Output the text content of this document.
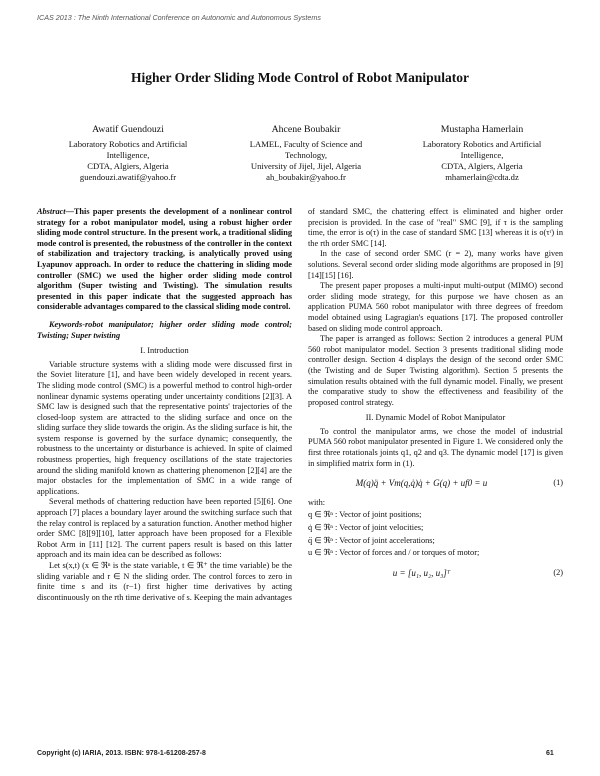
ICAS 2013 : The Ninth International Conference on Autonomic and Autonomous Systems
Higher Order Sliding Mode Control of Robot Manipulator
Awatif Guendouzi
Laboratory Robotics and Artificial
Intelligence,
CDTA, Algiers, Algeria
guendouzi.awatif@yahoo.fr
Ahcene Boubakir
LAMEL, Faculty of Science and
Technology,
University of Jijel, Jijel, Algeria
ah_boubakir@yahoo.fr
Mustapha Hamerlain
Laboratory Robotics and Artificial
Intelligence,
CDTA, Algiers, Algeria
mhamerlain@cdta.dz

Abstract—This paper presents the development of a nonlinear control strategy for a robot manipulator model, using a robust higher order sliding mode control structure. In the present work, a traditional sliding mode control is presented, the robustness of the controller in the context of stabilization and trajectory tracking, is analytically proved using Lyapunov approach. In order to reduce the chattering in sliding mode controller (SMC) we used the higher order sliding mode control algorithm (Super twisting and Twisting). The simulation results presented in this paper indicate that the suggested approach has considerable advantages compared to the classical sliding mode control.

Keywords-robot manipulator; higher order sliding mode control; Twisting; Super twisting

I. Introduction

Variable structure systems with a sliding mode were discussed first in the Soviet literature [1], and have been widely developed in recent years. The sliding mode control (SMC) is a powerful method to control high-order nonlinear dynamic systems operating under uncertainty conditions [2][3]. A SMC law is designed such that the representative points' trajectories of the closed-loop system are attracted to the sliding surface and once on the sliding surface they slide towards the origin. As the sliding surface is hit, the system response is governed by the surface dynamic; consequently, the robustness to the uncertainty or disturbance is achieved. In spite of claimed robustness properties, high frequency oscillations of the state trajectories around the sliding manifold known as chattering phenomenon [2][4] are the major obstacles for the implementation of SMC in a wide range of applications.

Several methods of chattering reduction have been reported [5][6]. One approach [7] places a boundary layer around the switching surface such that the relay control is replaced by a saturation function. Another method higher order SMC [8][9][10], latter approach have been proposed for a Flexible Robot Arm in [11] [12]. The current papers result is based on this latter approach and its main idea can be described as follows:

Let s(x,t) (x ∈ ℜⁿ is the state variable, t ∈ ℜ⁺ the time variable) be the sliding variable and r ∈ N the sliding order. The control forces to zero in finite time s and its (r−1) first higher time derivatives by acting discontinuously on the rth time derivative of s. Keeping the main advantages

of standard SMC, the chattering effect is eliminated and higher order precision is provided. In the case of "real" SMC [9], if τ is the sampling time, the error is o(τ) in the case of standard SMC [13] whereas it is o(τʳ) in the rth order SMC [14].

In the case of second order SMC (r = 2), many works have given solutions. Several second order sliding mode algorithms are proposed in [9][14][15] [16].

The present paper proposes a multi-input multi-output (MIMO) second order sliding mode strategy, for this purpose we have chosen as an application PUMA 560 robot manipulator with three degrees of freedom model obtained using Lagragian's equations [17]. The proposed controller based on sliding mode control approach.

The paper is arranged as follows: Section 2 introduces a general PUM 560 robot manipulator model. Section 3 presents traditional sliding mode controller design. Section 4 displays the design of the second order SMC (the Twisting and de Super Twisting algorithm). Section 5 presents the simulation results obtained with the full dynamic model. Finally, we present the comparative study to show the effectiveness and feasibility of the proposed control strategy.

II. Dynamic Model of Robot Manipulator

To control the manipulator arms, we chose the model of industrial PUMA 560 robot manipulator presented in Figure 1. We considered only the first three rotationals joints q1, q2 and q3. The dynamic model [17] is given in simplified matrix form in (1).

M(q)q̈ + Vm(q,q̇)q̇ + G(q) + uf0 = u	(1)

with:

q ∈ ℜⁿ : Vector of joint positions;
q̇ ∈ ℜⁿ : Vector of joint velocities;
q̈ ∈ ℜⁿ : Vector of joint accelerations;
u ∈ ℜⁿ : Vector of forces and / or torques of motor;
u = [u₁, u₂, u₃]ᵀ	(2)
Copyright (c) IARIA, 2013. ISBN: 978-1-61208-257-8	61
